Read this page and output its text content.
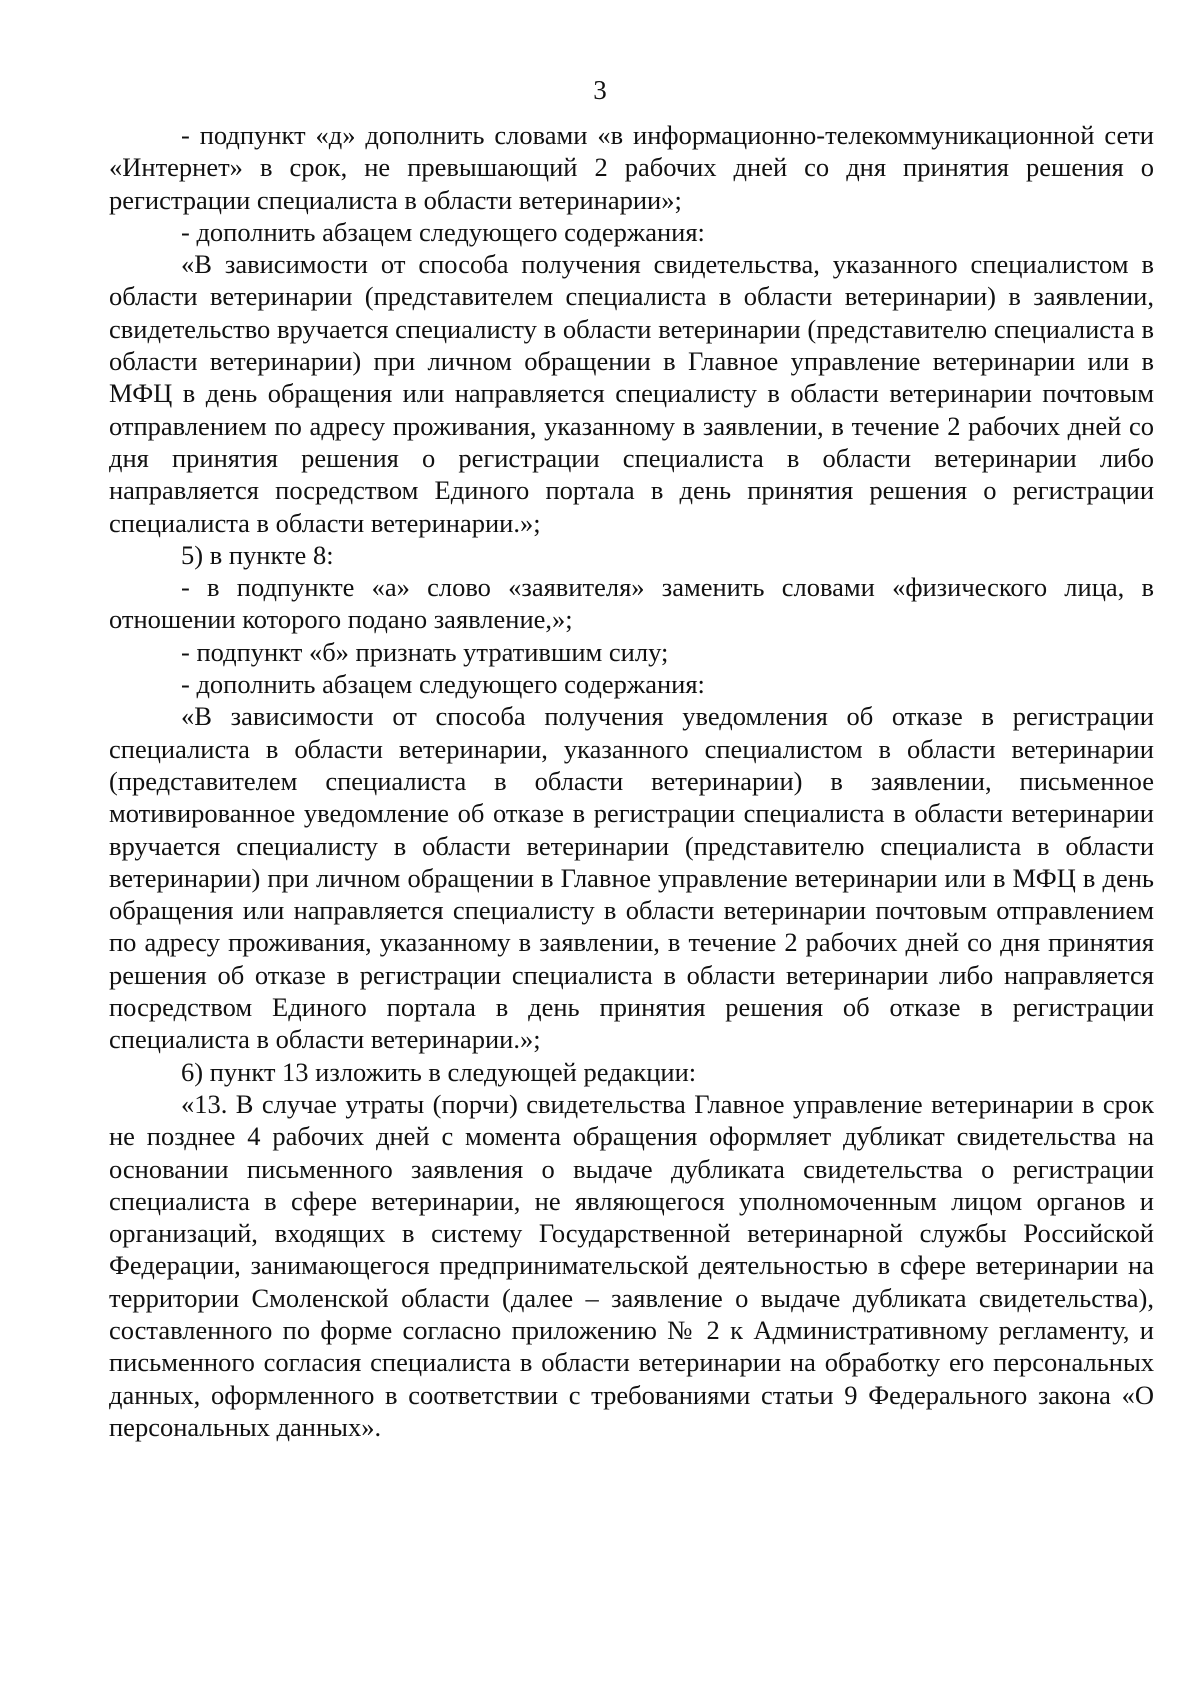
3

- подпункт «д» дополнить словами «в информационно-телекоммуникационной сети «Интернет» в срок, не превышающий 2 рабочих дней со дня принятия решения о регистрации специалиста в области ветеринарии»;

- дополнить абзацем следующего содержания:

«В зависимости от способа получения свидетельства, указанного специалистом в области ветеринарии (представителем специалиста в области ветеринарии) в заявлении, свидетельство вручается специалисту в области ветеринарии (представителю специалиста в области ветеринарии) при личном обращении в Главное управление ветеринарии или в МФЦ в день обращения или направляется специалисту в области ветеринарии почтовым отправлением по адресу проживания, указанному в заявлении, в течение 2 рабочих дней со дня принятия решения о регистрации специалиста в области ветеринарии либо направляется посредством Единого портала в день принятия решения о регистрации специалиста в области ветеринарии.»;

5) в пункте 8:

- в подпункте «а» слово «заявителя» заменить словами «физического лица, в отношении которого подано заявление,»;

- подпункт «б» признать утратившим силу;

- дополнить абзацем следующего содержания:

«В зависимости от способа получения уведомления об отказе в регистрации специалиста в области ветеринарии, указанного специалистом в области ветеринарии (представителем специалиста в области ветеринарии) в заявлении, письменное мотивированное уведомление об отказе в регистрации специалиста в области ветеринарии вручается специалисту в области ветеринарии (представителю специалиста в области ветеринарии) при личном обращении в Главное управление ветеринарии или в МФЦ в день обращения или направляется специалисту в области ветеринарии почтовым отправлением по адресу проживания, указанному в заявлении, в течение 2 рабочих дней со дня принятия решения об отказе в регистрации специалиста в области ветеринарии либо направляется посредством Единого портала в день принятия решения об отказе в регистрации специалиста в области ветеринарии.»;

6) пункт 13 изложить в следующей редакции:

«13. В случае утраты (порчи) свидетельства Главное управление ветеринарии в срок не позднее 4 рабочих дней с момента обращения оформляет дубликат свидетельства на основании письменного заявления о выдаче дубликата свидетельства о регистрации специалиста в сфере ветеринарии, не являющегося уполномоченным лицом органов и организаций, входящих в систему Государственной ветеринарной службы Российской Федерации, занимающегося предпринимательской деятельностью в сфере ветеринарии на территории Смоленской области (далее – заявление о выдаче дубликата свидетельства), составленного по форме согласно приложению № 2 к Административному регламенту, и письменного согласия специалиста в области ветеринарии на обработку его персональных данных, оформленного в соответствии с требованиями статьи 9 Федерального закона «О персональных данных».
